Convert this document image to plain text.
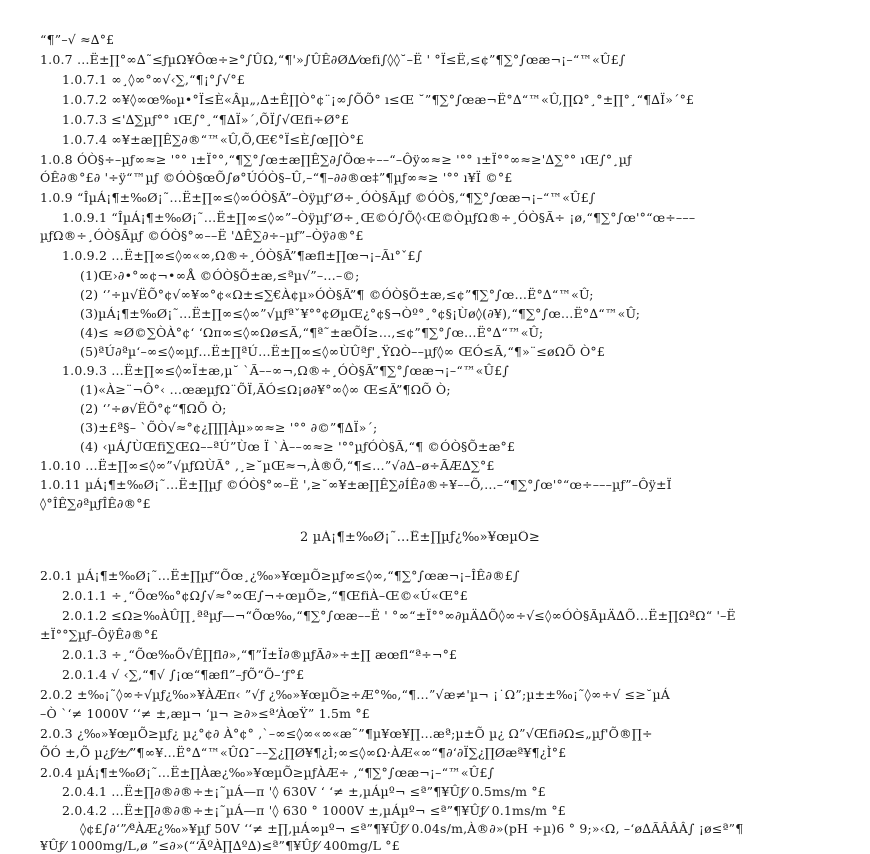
“¶”–√ ≈∆°£
1.0.7 …Ë±∏°∞∆˜≤ƒµΩ¥Ôœ÷≥°∫ÛΩ‚“¶'»∫ÛÊ∂Ø∆⁄œfi∫◊◊˘–Ë ' °Ï≤Ë‚≤¢”¶∑°∫œæ¬¡–“™«Û£∫
1.0.7.1 ∞¸◊∞°∞√‹∑‚“¶¡°∫√°£
1.0.7.2 ∞¥◊∞œ‰µ•°Ï≤È«Âµ„‚∆±Ê∏Ò°¢¨¡∞∫ÕÕ° ı≤Œ ˘”¶∑°∫œæ¬Ë°∆“™«Û,∏Ω°¸°±∏°¸“¶∆Ï»´°£
1.0.7.3 ≤'∆∑µƒ°° ıŒ∫°¸“¶∆Ï»´,ÕÏ∫√Œfi÷Ø°£
1.0.7.4 ∞¥±æ∏Ê∑∂®“™«Û,Õ,Œ€°Ï≤È∫œ∏Ò°£
1.0.8 ÓÒ§÷–µƒ∞≈≥ '°° ı±Ï°°‚“¶∑°∫œ±æ∏Ê∑∂∫Õœ÷––“–Ôÿ∞≈≥ '°° ı±Ï°°∞≈≥'∆∑°° ıŒ∫°¸µƒ
ÓÊ∂®°£∂ '÷ÿ“™µƒ ©ÓÒ§œÕ∫ø°ÚÓÒ§–Û‚–“¶–∂∂®œ‡”¶µƒ∞≈≥ '°° ı¥Ï ©°£
1.0.9 “ÎµÁ¡¶±‰Ø¡˜…Ë±∏∞≤◊∞ÓÒ§Ã”–Òÿµƒ‘Ø÷¸ÓÒ§Ãµƒ ©ÓÒ§‚“¶∑°∫œæ¬¡–“™«Û£∫
1.0.9.1 “ÎµÁ¡¶±‰Ø¡˜…Ë±∏∞≤◊∞”–Òÿµƒ‘Ø÷¸Œ©Ó∫Õ◊‹Œ©ÒµƒΩ®÷¸ÓÒ§Ã÷ ¡ø,“¶∑°∫œ'°“œ÷–––
µƒΩ®÷¸ÓÒ§Ãµƒ ©ÓÒ§°∞––Ë '∆Ê∑∂÷–µƒ”–Òÿ∂®°£
1.0.9.2 …Ë±∏∞≤◊∞«∞,Ω®÷¸ÓÒ§Ã”¶æﬂ±∏œ¬¡–Ãı°ˇ£∫
(1)Œ›∂•°∞¢¬•∞Å ©ÓÒ§Õ±æ,≤ªµ√”–…–©;
(2) ‘’÷µ√ËÕ°¢√∞¥∞°¢«Ω±≤∑€À¢µ»ÓÒ§Ã”¶ ©ÓÒ§Õ±æ,≤¢”¶∑°∫œ…Ë°∆“™«Û;
(3)µÁ¡¶±‰Ø¡˜…Ë±∏∞≤◊∞”√µƒªˇ¥°°¢ØµŒ¿°¢§¬Òº°¸°¢§¡Ùø◊(∂¥),“¶∑°∫œ…Ë°∆“™«Û;
(4)≤ ≈Ø©∑ÒÀ°¢‘ ‘Ωπ∞≤◊∞Ωø≤Ã,“¶ª˜±æÕÍ≥…,≤¢”¶∑°∫œ…Ë°∆“™«Û;
(5)ªÚ∂ªµ‘–∞≤◊∞µƒ…Ë±∏ªÚ…Ë±∏∞≤◊∞ÙÛªƒ'¸ŸΩÒ––µƒ◊∞ ŒÓ≤Ã,“¶»¨≤øΩÕ Ò°£
1.0.9.3 …Ë±∏∞≤◊∞Ï±æ,µ˘ `Ã––∞¬,Ω®÷¸ÓÒ§Ã”¶∑°∫œæ¬¡–“™«Û£∫
(1)«À≥¨¬Ô°‹ …œæµƒΩ¨ÕÏ,ÃÓ≤Ω¡ø∂¥°∞◊∞ Œ≤Ã”¶ΩÕ Ò;
(2) ‘’÷ø√ËÕ°¢“¶ΩÕ Ò;
(3)±£ª§– `ÕÒ√≈°¢¿∏∏Àµ»∞≈≥ '°° ∂©”¶∆Ï»´;
(4) ‹µÁ∫ÙŒfi∑ŒΩ––ªÚ”Ùœ Ï `À––∞≈≥ '°°µƒÓÒ§Ã,“¶ ©ÓÒ§Õ±æ°£
1.0.10 …Ë±∏∞≤◊∞”√µƒΩÙÃ° ‚¸≥˘µŒ≈¬,À®Õ,“¶≤…”√∂∆–ø÷ÃÆ∆∑°£
1.0.11 µÁ¡¶±‰Ø¡˜…Ë±∏µƒ ©ÓÒ§°∞–Ë '‚≥˘∞¥±æ∏Ê∑∂ÍÊ∂®÷¥––Õ,…–“¶∑°∫œ'°“œ÷–––µƒ”–Ôÿ±Ï
◊°ÎÊ∑∂ªµƒÎÊ∂®°£
2 µÁ¡¶±‰Ø¡˜…Ë±∏µƒ¿‰»¥œµÕ≥
2.0.1 µÁ¡¶±‰Ø¡˜…Ë±∏µƒ“Õœ¸¿‰»¥œµÕ≥µƒ∞≤◊∞,“¶∑°∫œæ¬¡–ÎÊ∂®£∫
2.0.1.1 ÷¸“Õœ‰°¢Ω∫√≈°∞Œ∫¬÷œµÕ≥,“¶ŒfiÀ–Œ©«Ú«Œ°£
2.0.1.2 ≤Ω≥‰ÀÛ∏¸ªªµƒ—¬“Õœ‰,“¶∑°∫œæ––Ë ' °∞“±Ï°°∞∂µÄ∆Õ◊∞÷√≤◊∞ÓÒ§ÃµÄ∆Õ…Ë±∏ΩªΩ“ '–Ë
±Ï°°∑µƒ–ÔÿÊ∂®°£
2.0.1.3 ÷¸“Õœ‰Õ√Ê∏fl∂»,“¶”Ï±Ï∂®µƒÃ∂»÷±∏ æœfl“ª÷¬°£
2.0.1.4 √ ‹∑‚“¶√ ∫¡œ“¶æﬂ”–ƒÕ“Õ–‘ƒ°£
2.0.2 ±‰¡˜◊∞÷√µƒ¿‰»¥ÀÆπ‹ ”√ƒ ¿‰»¥œµÕ≥÷Æ°‰,“¶…”√æ≠'µ¬ ¡˙Ω”;µ±±‰¡˜◊∞÷√ ≤≥˘µÁ
–Ò `‘≠ 1000V ‘‘≠ ±,æµ¬ ‘µ¬ ≥∂»≤ª‘ÀœŸ” 1.5m °£
2.0.3 ¿‰»¥œµÕ≥µƒ¿ µ¿°¢∂ À°¢° ,`–∞≤◊∞«∞«æ˜”¶µ¥œ¥∏…æª;µ±Õ µ¿ Ω”√Œfi∂Ω≤„µƒ'Õ®∏÷
ÕÓ ±,Õ µ¿ƒ⁄±⁄”¶∞¥…Ë°∆“™«ÛΩ¯––∑¿∏Ø¥¶¿Ì;∞≤◊∞Ω·ÀÆ«∞“¶∂‘∂Ï∑¿∏Øæª¥¶¿Ì°£
2.0.4 µÁ¡¶±‰Ø¡˜…Ë±∏Àæ¿‰»¥œµÕ≥µƒÀÆ÷ ,“¶∑°∫œæ¬¡–“™«Û£∫
2.0.4.1 …Ë±∏∂®∂®÷±¡˜µÁ—π '◊ 630V ‘ ‘≠ ±,µÁµº¬ ≤ª”¶¥Ûƒ⁄ 0.5ms/m °£
2.0.4.2 …Ë±∏∂®∂®÷±¡˜µÁ—π '◊ 630 ° 1000V ±,µÁµº¬ ≤ª”¶¥Ûƒ⁄ 0.1ms/m °£
◊¢£∫∂‘”⁄ªÀÆ¿‰»¥µƒ 50V ‘‘≠ ±∏‚µÁ∞µº¬ ≤ª”¶¥Ûƒ⁄ 0.04s/m,À®∂»(pH ÷µ)6 ° 9;»‹Ω‚ –‘ø∆ÃÂÂÂ∫ ¡ø≤ª”¶
¥Ûƒ⁄ 1000mg/L,ø ”≤∂»(“‘ÃºÀ∏∆º∆)≤ª”¶¥Ûƒ⁄ 400mg/L °£
